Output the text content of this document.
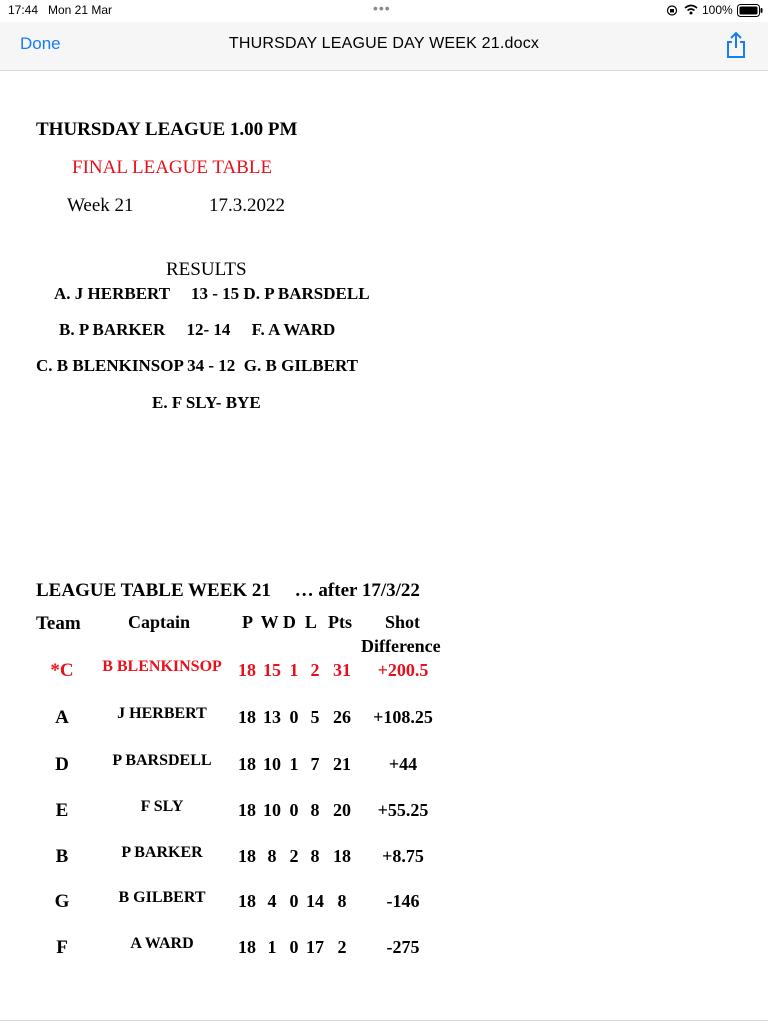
17:44 Mon 21 Mar	•••	100%
Done	THURSDAY LEAGUE DAY WEEK 21.docx
THURSDAY LEAGUE 1.00 PM
FINAL LEAGUE TABLE
Week 21	17.3.2022
RESULTS
A. J HERBERT     13 - 15 D. P BARSDELL
B. P BARKER     12- 14     F. A WARD
C. B BLENKINSOP 34 - 12  G. B GILBERT
E. F SLY- BYE
LEAGUE TABLE WEEK 21     … after 17/3/22
Team	Captain	P  W D  L Pts Shot
Difference
*C	B BLENKINSOP 18 15 1 2 31	+200.5
A	J HERBERT	18 13 0 5 26	+108.25
D	P BARSDELL	18 10 1 7 21	+44
E	F SLY	18 10 0 8 20	+55.25
B	P BARKER	18 8 2 8 18	+8.75
G	B GILBERT	18 4 0 14 8	-146
F	A WARD	18 1 0 17 2	-275
